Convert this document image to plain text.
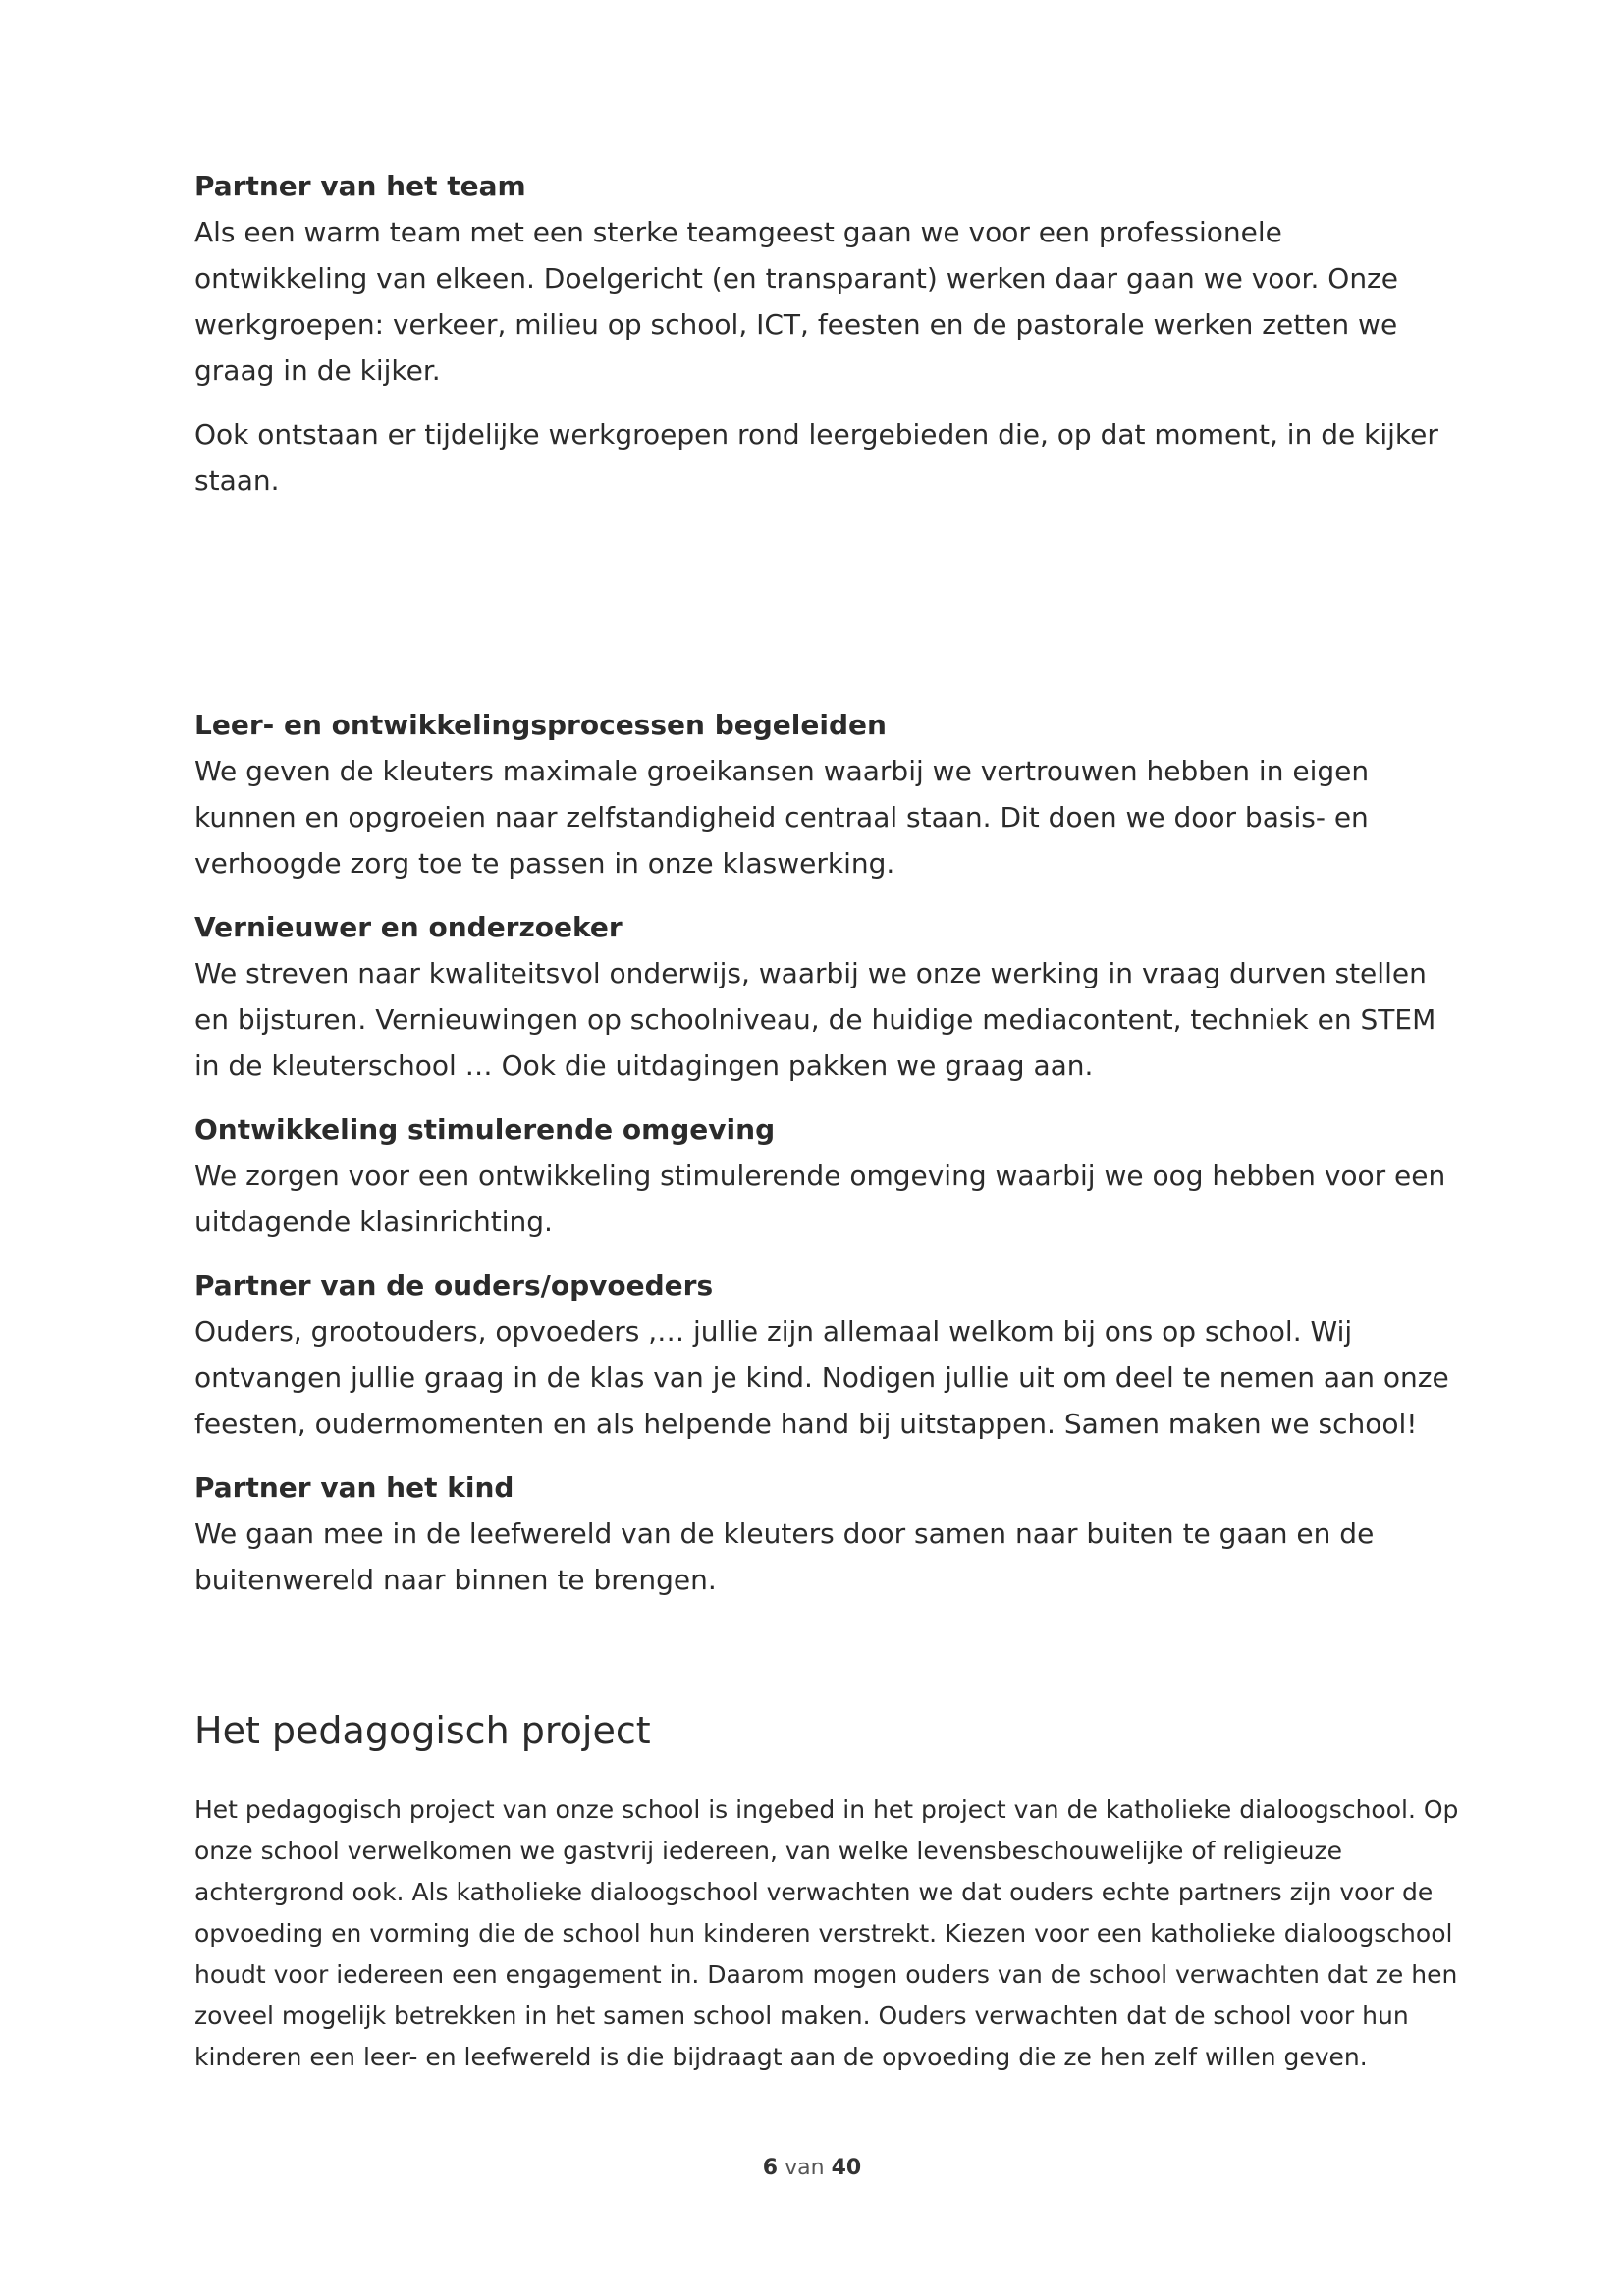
Partner van het team
Als een warm team met een sterke teamgeest gaan we voor een professionele ontwikkeling van elkeen. Doelgericht (en transparant) werken daar gaan we voor. Onze werkgroepen: verkeer, milieu op school, ICT, feesten en de pastorale werken zetten we graag in de kijker.
Ook ontstaan er tijdelijke werkgroepen rond leergebieden die, op dat moment, in de kijker staan.
Leer- en ontwikkelingsprocessen begeleiden
We geven de kleuters maximale groeikansen waarbij we vertrouwen hebben in eigen kunnen en opgroeien naar zelfstandigheid centraal staan. Dit doen we door basis- en verhoogde zorg toe te passen in onze klaswerking.
Vernieuwer en onderzoeker
We streven naar kwaliteitsvol onderwijs, waarbij we onze werking in vraag durven stellen en bijsturen. Vernieuwingen op schoolniveau, de huidige mediacontent, techniek en STEM in de kleuterschool … Ook die uitdagingen pakken we graag aan.
Ontwikkeling stimulerende omgeving
We zorgen voor een ontwikkeling stimulerende omgeving waarbij we oog hebben voor een uitdagende klasinrichting.
Partner van de ouders/opvoeders
Ouders, grootouders, opvoeders ,… jullie zijn allemaal welkom bij ons op school. Wij ontvangen jullie graag in de klas van je kind. Nodigen jullie uit om deel te nemen aan onze feesten, oudermomenten en als helpende hand bij uitstappen. Samen maken we school!
Partner van het kind
We gaan mee in de leefwereld van de kleuters door samen naar buiten te gaan en de buitenwereld naar binnen te brengen.
Het pedagogisch project
Het pedagogisch project van onze school is ingebed in het project van de katholieke dialoogschool. Op onze school verwelkomen we gastvrij iedereen, van welke levensbeschouwelijke of religieuze achtergrond ook. Als katholieke dialoogschool verwachten we dat ouders echte partners zijn voor de opvoeding en vorming die de school hun kinderen verstrekt. Kiezen voor een katholieke dialoogschool houdt voor iedereen een engagement in. Daarom mogen ouders van de school verwachten dat ze hen zoveel mogelijk betrekken in het samen school maken. Ouders verwachten dat de school voor hun kinderen een leer- en leefwereld is die bijdraagt aan de opvoeding die ze hen zelf willen geven.
6 van 40
